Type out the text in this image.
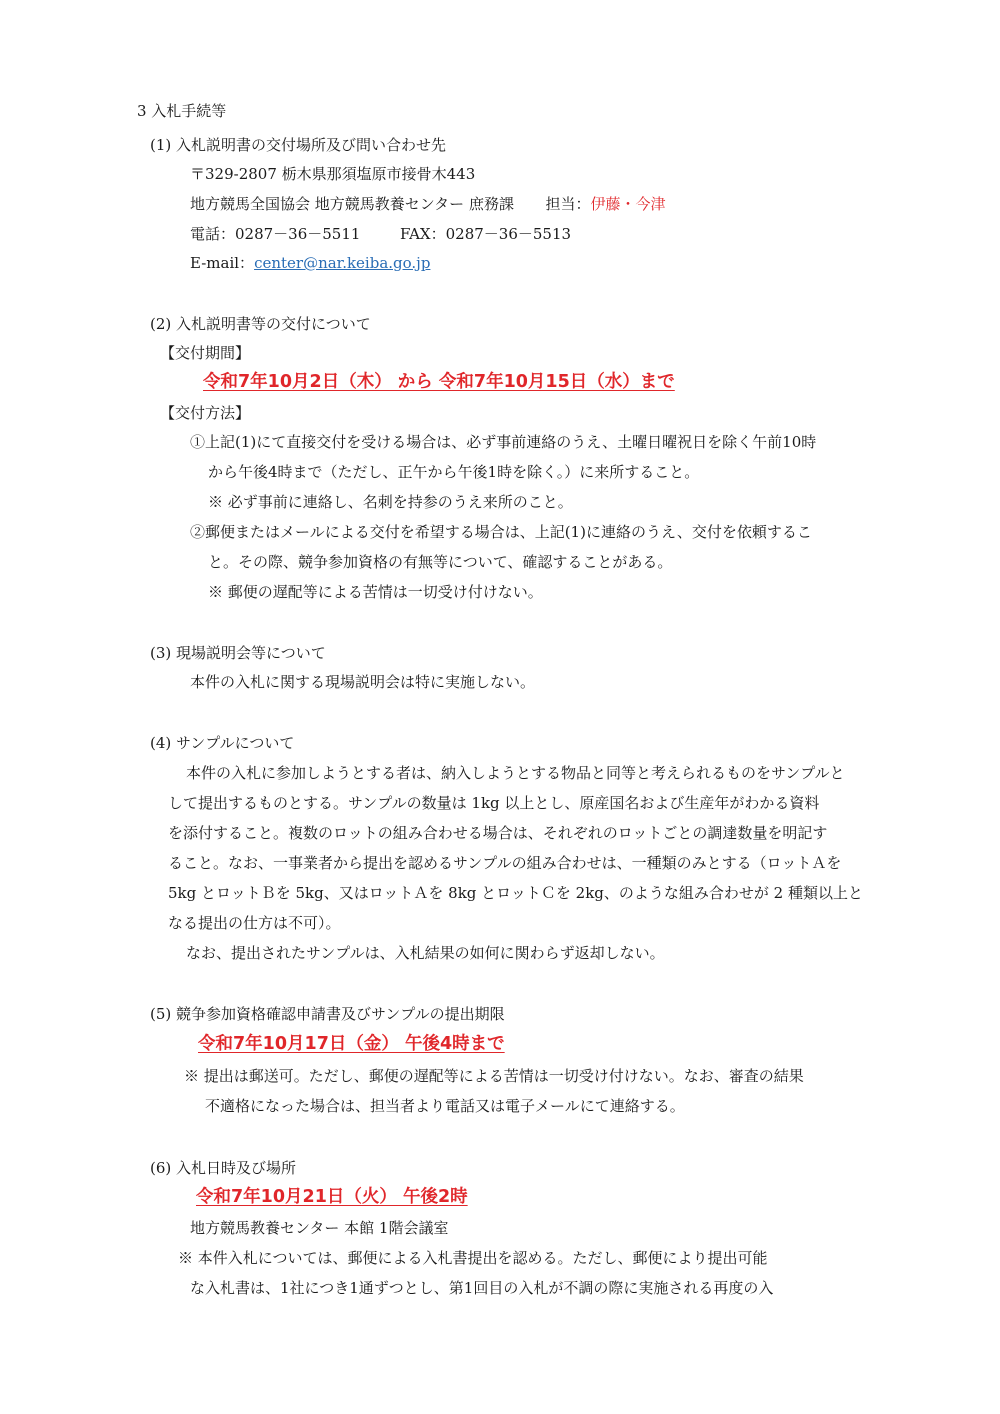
3 入札手続等
(1) 入札説明書の交付場所及び問い合わせ先
〒329-2807 栃木県那須塩原市接骨木443
地方競馬全国協会 地方競馬教養センター 庶務課 担当：伊藤・今津
電話：0287－36－5511	FAX：0287－36－5513
E-mail：center@nar.keiba.go.jp
(2) 入札説明書等の交付について
【交付期間】
令和7年10月2日（木） から 令和7年10月15日（水）まで
【交付方法】
①上記(1)にて直接交付を受ける場合は、必ず事前連絡のうえ、土曜日曜祝日を除く午前10時
から午後4時まで（ただし、正午から午後1時を除く。）に来所すること。
※ 必ず事前に連絡し、名刺を持参のうえ来所のこと。
②郵便またはメールによる交付を希望する場合は、上記(1)に連絡のうえ、交付を依頼するこ
と。その際、競争参加資格の有無等について、確認することがある。
※ 郵便の遅配等による苦情は一切受け付けない。
(3) 現場説明会等について
本件の入札に関する現場説明会は特に実施しない。
(4) サンプルについて
本件の入札に参加しようとする者は、納入しようとする物品と同等と考えられるものをサンプルと
して提出するものとする。サンプルの数量は 1kg 以上とし、原産国名および生産年がわかる資料
を添付すること。複数のロットの組み合わせる場合は、それぞれのロットごとの調達数量を明記す
ること。なお、一事業者から提出を認めるサンプルの組み合わせは、一種類のみとする（ロットＡを
5kg とロットＢを 5kg、又はロットＡを 8kg とロットＣを 2kg、のような組み合わせが 2 種類以上と
なる提出の仕方は不可）。
なお、提出されたサンプルは、入札結果の如何に関わらず返却しない。
(5) 競争参加資格確認申請書及びサンプルの提出期限
令和7年10月17日（金） 午後4時まで
※ 提出は郵送可。ただし、郵便の遅配等による苦情は一切受け付けない。なお、審査の結果
不適格になった場合は、担当者より電話又は電子メールにて連絡する。
(6) 入札日時及び場所
令和7年10月21日（火） 午後2時
地方競馬教養センター 本館 1階会議室
※ 本件入札については、郵便による入札書提出を認める。ただし、郵便により提出可能
な入札書は、1社につき1通ずつとし、第1回目の入札が不調の際に実施される再度の入
